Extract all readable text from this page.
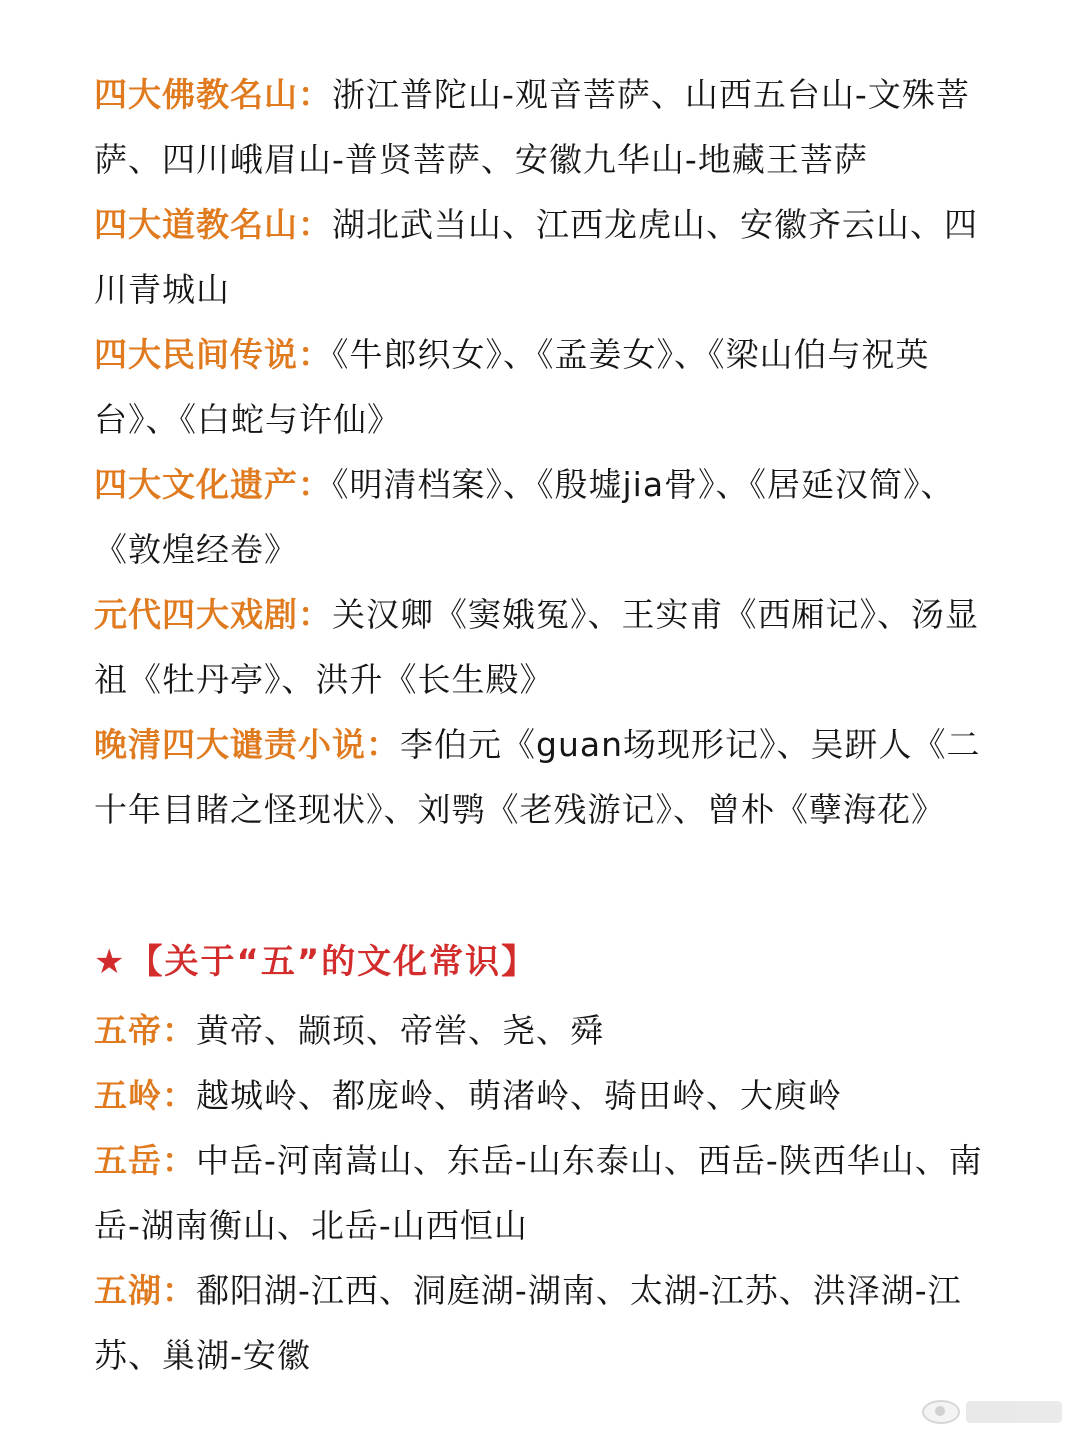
四大佛教名山：浙江普陀山-观音菩萨、山西五台山-文殊菩萨、四川峨眉山-普贤菩萨、安徽九华山-地藏王菩萨

四大道教名山：湖北武当山、江西龙虎山、安徽齐云山、四川青城山

四大民间传说：《牛郎织女》、《孟姜女》、《梁山伯与祝英台》、《白蛇与许仙》

四大文化遗产：《明清档案》、《殷墟jia骨》、《居延汉简》、《敦煌经卷》

元代四大戏剧：关汉卿《窦娥冤》、王实甫《西厢记》、汤显祖《牡丹亭》、洪升《长生殿》

晚清四大谴责小说：李伯元《guan场现形记》、吴趼人《二十年目睹之怪现状》、刘鹗《老残游记》、曾朴《孽海花》

★【关于“五”的文化常识】

五帝：黄帝、颛顼、帝喾、尧、舜

五岭：越城岭、都庞岭、萌渚岭、骑田岭、大庾岭

五岳：中岳-河南嵩山、东岳-山东泰山、西岳-陕西华山、南岳-湖南衡山、北岳-山西恒山

五湖：鄱阳湖-江西、洞庭湖-湖南、太湖-江苏、洪泽湖-江苏、巢湖-安徽
